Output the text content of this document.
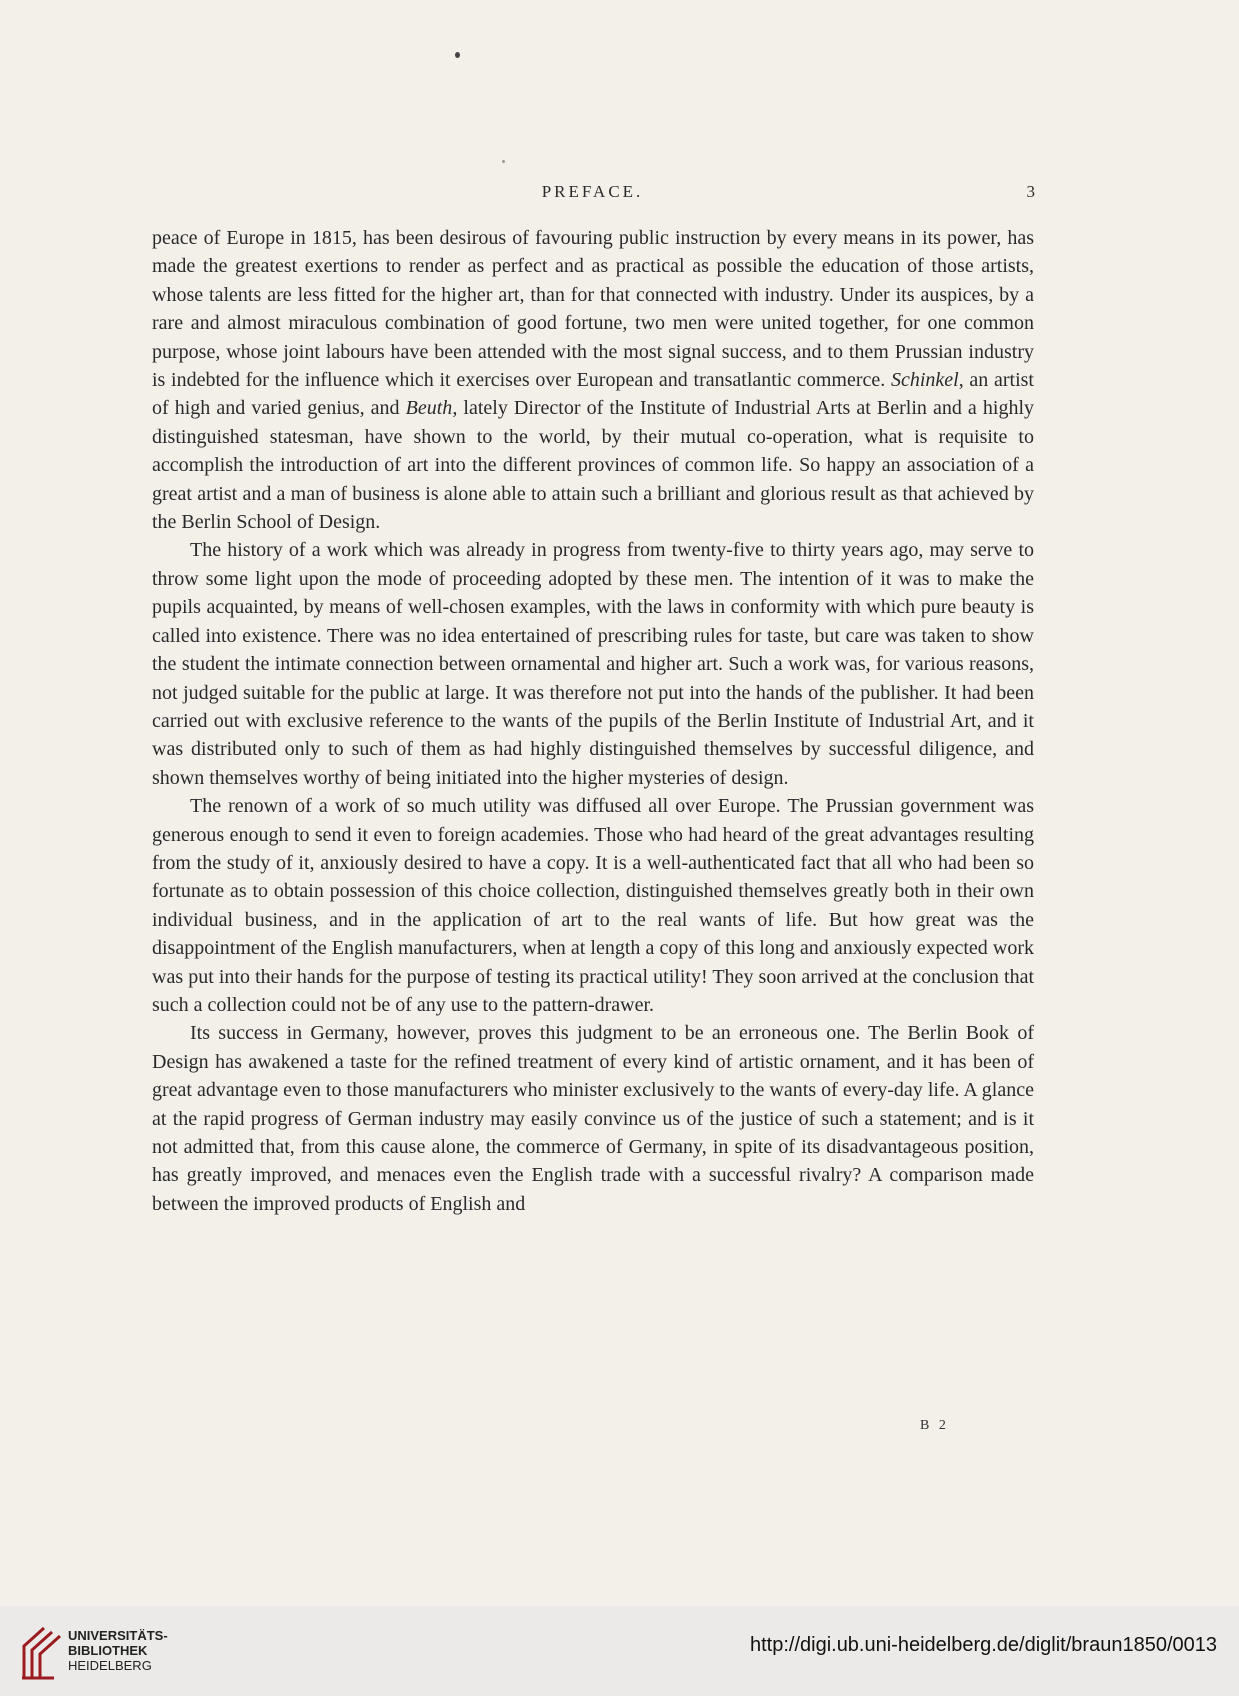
PREFACE.	3

peace of Europe in 1815, has been desirous of favouring public instruction by every means in its power, has made the greatest exertions to render as perfect and as practical as possible the education of those artists, whose talents are less fitted for the higher art, than for that connected with industry. Under its auspices, by a rare and almost miraculous combination of good fortune, two men were united together, for one common purpose, whose joint labours have been attended with the most signal success, and to them Prussian industry is indebted for the influence which it exercises over European and transatlantic commerce. Schinkel, an artist of high and varied genius, and Beuth, lately Director of the Institute of Industrial Arts at Berlin and a highly distinguished statesman, have shown to the world, by their mutual co-operation, what is requisite to accomplish the introduction of art into the different provinces of common life. So happy an association of a great artist and a man of business is alone able to attain such a brilliant and glorious result as that achieved by the Berlin School of Design.

The history of a work which was already in progress from twenty-five to thirty years ago, may serve to throw some light upon the mode of proceeding adopted by these men. The intention of it was to make the pupils acquainted, by means of well-chosen examples, with the laws in conformity with which pure beauty is called into existence. There was no idea entertained of prescribing rules for taste, but care was taken to show the student the intimate connection between ornamental and higher art. Such a work was, for various reasons, not judged suitable for the public at large. It was therefore not put into the hands of the publisher. It had been carried out with exclusive reference to the wants of the pupils of the Berlin Institute of Industrial Art, and it was distributed only to such of them as had highly distinguished themselves by successful diligence, and shown themselves worthy of being initiated into the higher mysteries of design.

The renown of a work of so much utility was diffused all over Europe. The Prussian government was generous enough to send it even to foreign academies. Those who had heard of the great advantages resulting from the study of it, anxiously desired to have a copy. It is a well-authenticated fact that all who had been so fortunate as to obtain possession of this choice collection, distinguished themselves greatly both in their own individual business, and in the application of art to the real wants of life. But how great was the disappointment of the English manufacturers, when at length a copy of this long and anxiously expected work was put into their hands for the purpose of testing its practical utility! They soon arrived at the conclusion that such a collection could not be of any use to the pattern-drawer.

Its success in Germany, however, proves this judgment to be an erroneous one. The Berlin Book of Design has awakened a taste for the refined treatment of every kind of artistic ornament, and it has been of great advantage even to those manufacturers who minister exclusively to the wants of every-day life. A glance at the rapid progress of German industry may easily convince us of the justice of such a statement; and is it not admitted that, from this cause alone, the commerce of Germany, in spite of its disadvantageous position, has greatly improved, and menaces even the English trade with a successful rivalry? A comparison made between the improved products of English and

B 2
UNIVERSITÄTS-
BIBLIOTHEK
HEIDELBERG
http://digi.ub.uni-heidelberg.de/diglit/braun1850/0013
